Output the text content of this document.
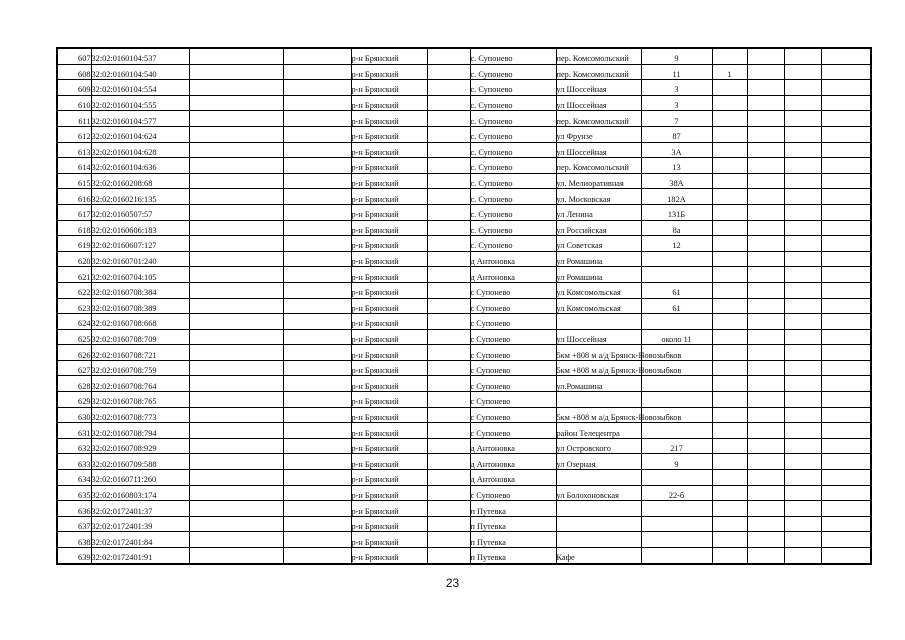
607	32:02:0160104:537			р-н Брянский		с. Супонево	пер. Комсомольский	9				
608	32:02:0160104:540			р-н Брянский		с. Супонево	пер. Комсомольский	11	1			
609	32:02:0160104:554			р-н Брянский		с. Супонево	ул Шоссейная	3				
610	32:02:0160104:555			р-н Брянский		с. Супонево	ул Шоссейная	3				
611	32:02:0160104:577			р-н Брянский		с. Супонево	пер. Комсомольский	7				
612	32:02:0160104:624			р-н Брянский		с. Супонево	ул Фрунзе	87				
613	32:02:0160104:628			р-н Брянский		с. Супонево	ул Шоссейная	3А				
614	32:02:0160104:636			р-н Брянский		с. Супонево	пер. Комсомольский	13				
615	32:02:0160208:68			р-н Брянский		с. Супонево	ул. Мелиоративная	38А				
616	32:02:0160216:135			р-н Брянский		с. Супонево	ул. Московская	182А				
617	32:02:0160507:57			р-н Брянский		с. Супонево	ул Ленина	131Б				
618	32:02:0160606:183			р-н Брянский		с. Супонево	ул Российская	8а				
619	32:02:0160607:127			р-н Брянский		с. Супонево	ул Советская	12				
620	32:02:0160701:240			р-н Брянский		д Антоновка	ул Ромашина					
621	32:02:0160704:105			р-н Брянский		д Антоновка	ул Ромашина					
622	32:02:0160708:384			р-н Брянский		с Супонево	ул Комсомольская	61				
623	32:02:0160708:389			р-н Брянский		с Супонево	ул Комсомольская	61				
624	32:02:0160708:668			р-н Брянский		с Супонево						
625	32:02:0160708:709			р-н Брянский		с Супонево	ул Шоссейная	около 11				
626	32:02:0160708:721			р-н Брянский		с Супонево	5км +808 м а/д Брянск-Новозыбков					
627	32:02:0160708:759			р-н Брянский		с Супонево	5км +808 м а/д Брянск-Новозыбков					
628	32:02:0160708:764			р-н Брянский		с Супонево	ул.Ромашина					
629	32:02:0160708:765			р-н Брянский		с Супонево						
630	32:02:0160708:773			р-н Брянский		с Супонево	5км +808 м а/д Брянск-Новозыбков					
631	32:02:0160708:794			р-н Брянский		с Супонево	район Телецентра					
632	32:02:0160708:929			р-н Брянский		д Антоновка	ул Островского	217				
633	32:02:0160709:588			р-н Брянский		д Антоновка	ул Озерная	9				
634	32:02:0160711:260			р-н Брянский		д Антоновка						
635	32:02:0160803:174			р-н Брянский		с Супонево	ул Болохоновская	22-б				
636	32:02:0172401:37			р-н Брянский		п Путевка						
637	32:02:0172401:39			р-н Брянский		п Путевка						
638	32:02:0172401:84			р-н Брянский		п Путевка						
639	32:02:0172401:91			р-н Брянский		п Путевка	Кафе					
23
